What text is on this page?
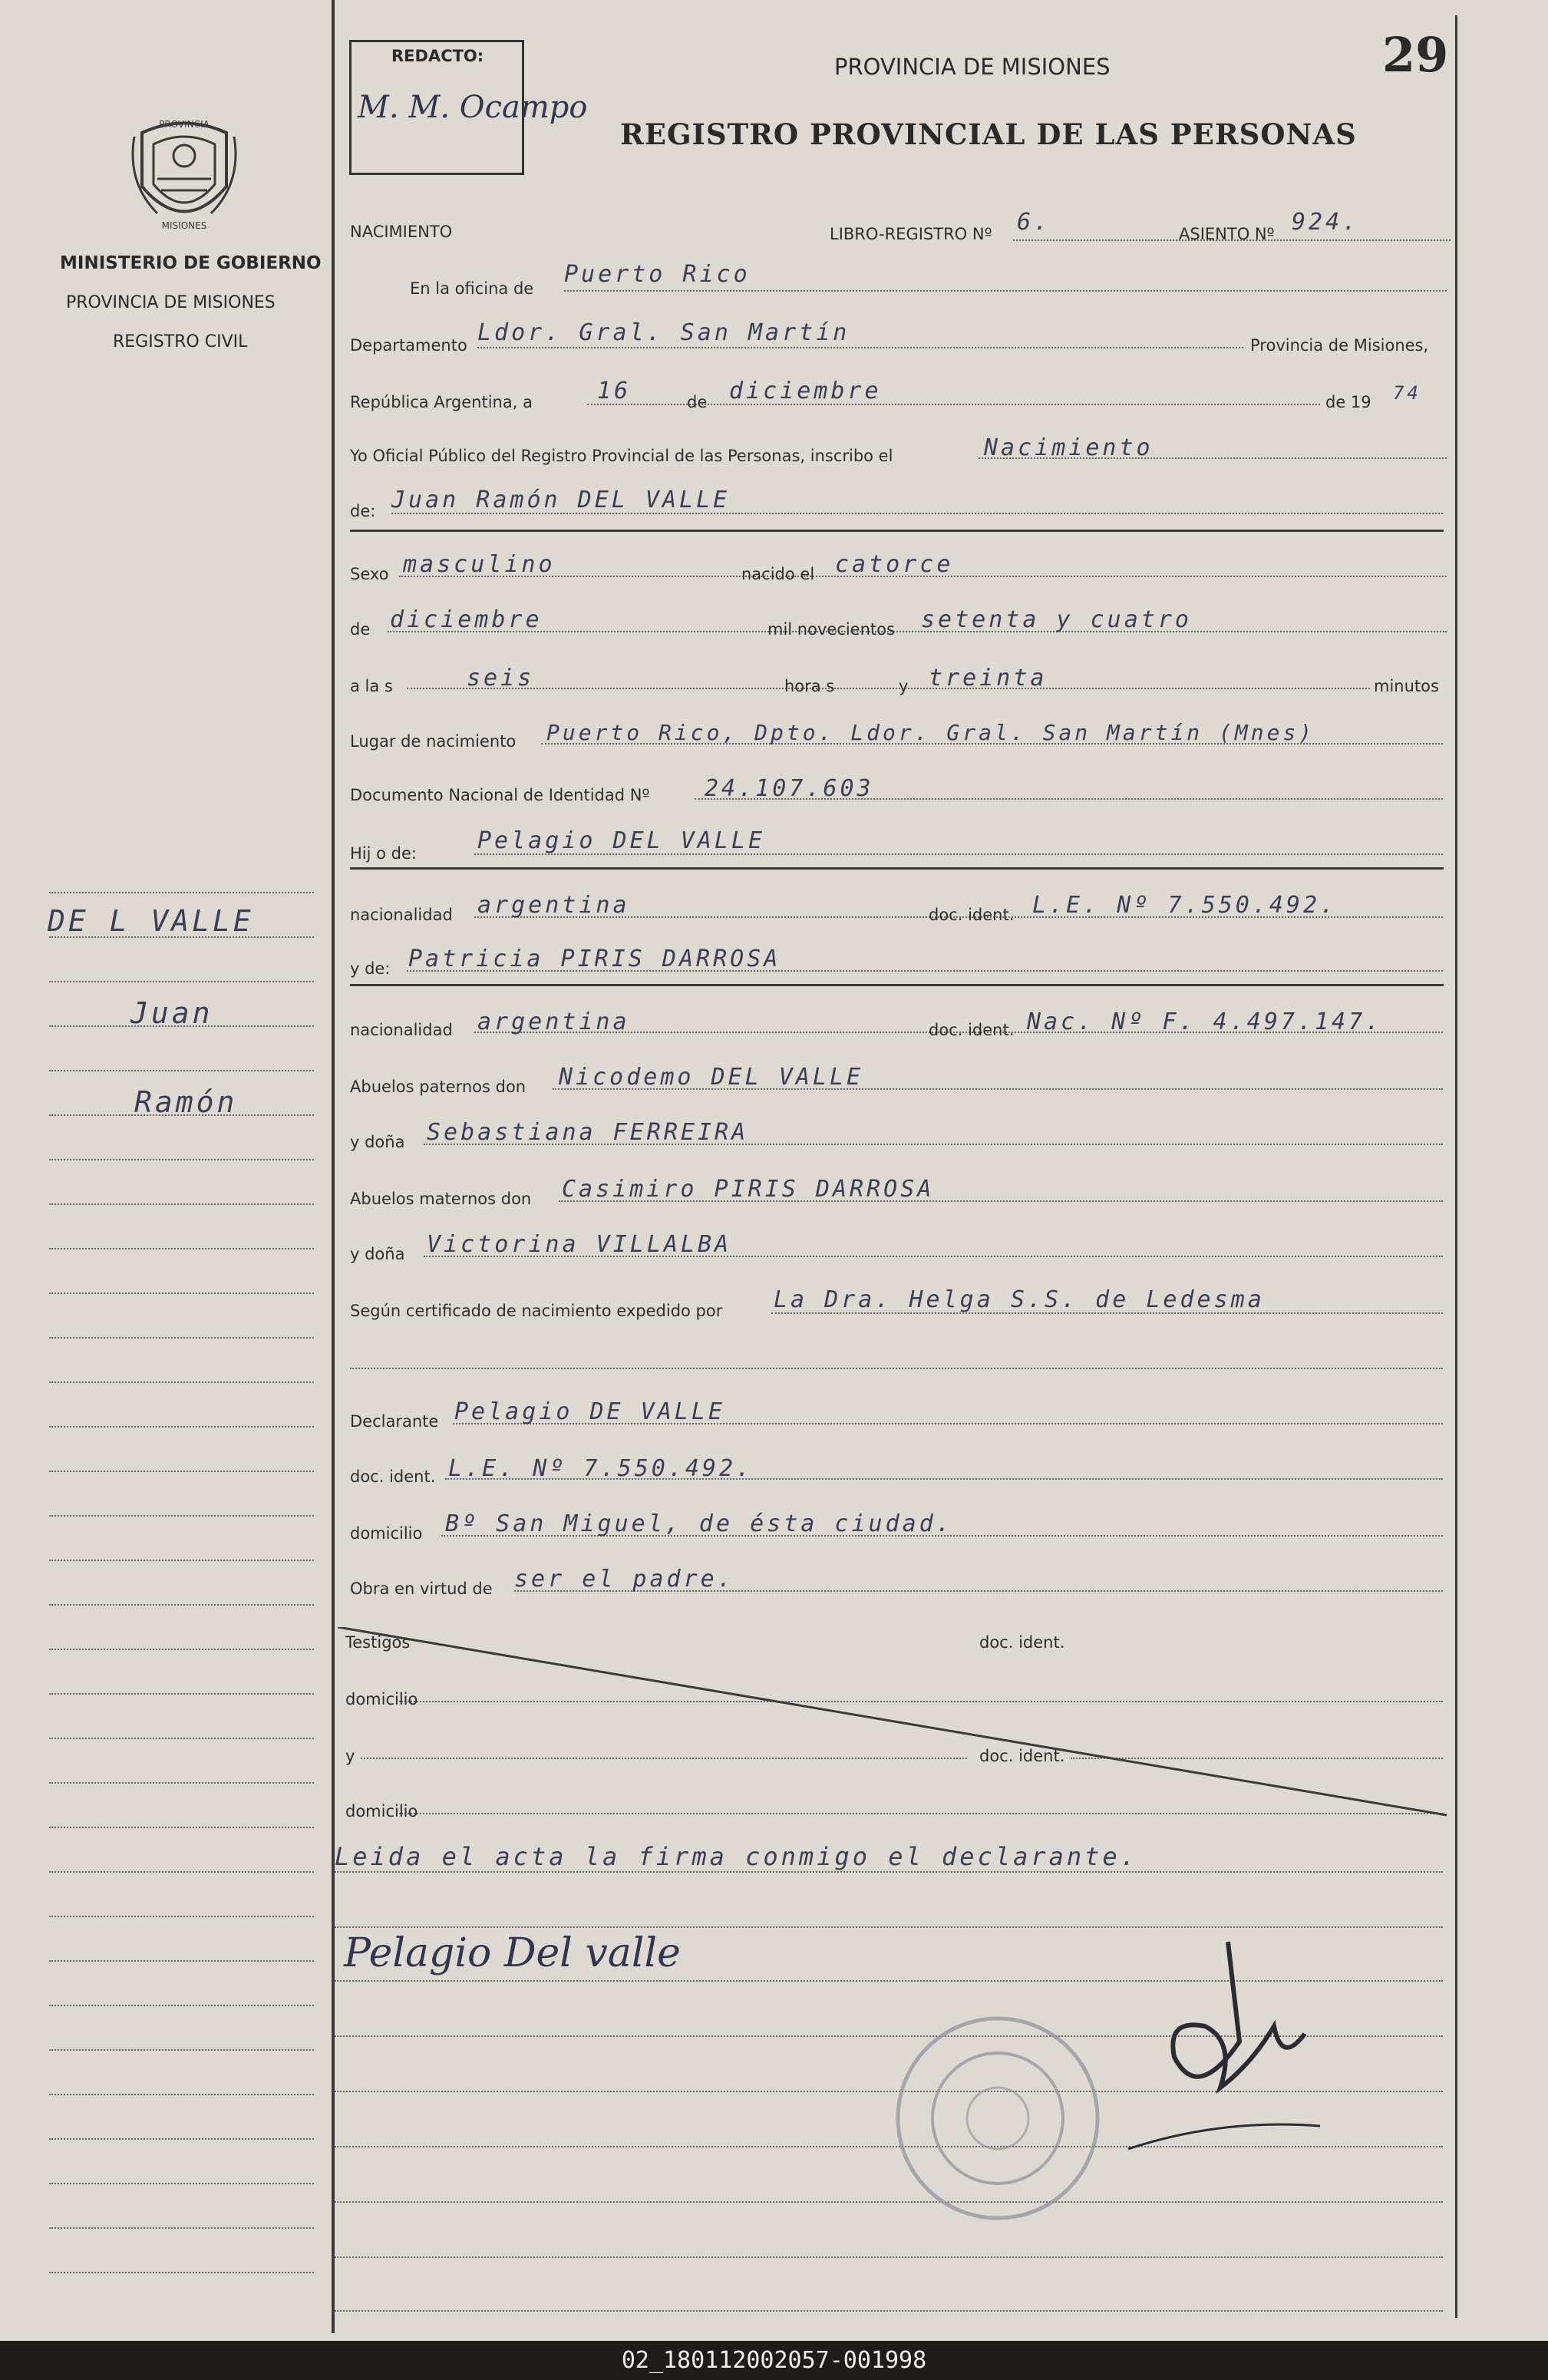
PROVINCIA
MISIONES
MINISTERIO DE GOBIERNO
PROVINCIA DE MISIONES
REGISTRO CIVIL
DE L VALLE
Juan
Ramón
REDACTO:
M. M. Ocampo
PROVINCIA DE MISIONES
REGISTRO PROVINCIAL DE LAS PERSONAS
29
NACIMIENTO	LIBRO-REGISTRO Nº 6.	ASIENTO Nº 924.
En la oficina de
Puerto Rico
Departamento Ldor. Gral. San Martín	Provincia de Misiones,
República Argentina, a	16	de diciembre	de 19 74
Yo Oficial Público del Registro Provincial de las Personas, inscribo el	Nacimiento
de: Juan Ramón DEL VALLE
Sexo masculino	nacido el catorce
de diciembre	mil novecientos setenta y cuatro
a la s	seis	hora s	y treinta	minutos
Lugar de nacimiento Puerto Rico, Dpto. Ldor. Gral. San Martín (Mnes)
Documento Nacional de Identidad Nº 24.107.603
Hij o de:	Pelagio DEL VALLE
nacionalidad argentina	doc. ident. L.E. Nº 7.550.492.
y de: Patricia PIRIS DARROSA
nacionalidad argentina	doc. ident. Nac. Nº F. 4.497.147.
Abuelos paternos don Nicodemo DEL VALLE
y doña Sebastiana FERREIRA
Abuelos maternos don Casimiro PIRIS DARROSA
y doña Victorina VILLALBA
Según certificado de nacimiento expedido por La Dra. Helga S.S. de Ledesma
Declarante Pelagio DE VALLE
doc. ident. L.E. Nº 7.550.492.
domicilio Bº San Miguel, de ésta ciudad.
Obra en virtud de ser el padre.
Testigos	doc. ident.
domicilio
y	doc. ident.
domicilio
Leida el acta la firma conmigo el declarante.
Pelagio Del valle
02_180112002057-001998
